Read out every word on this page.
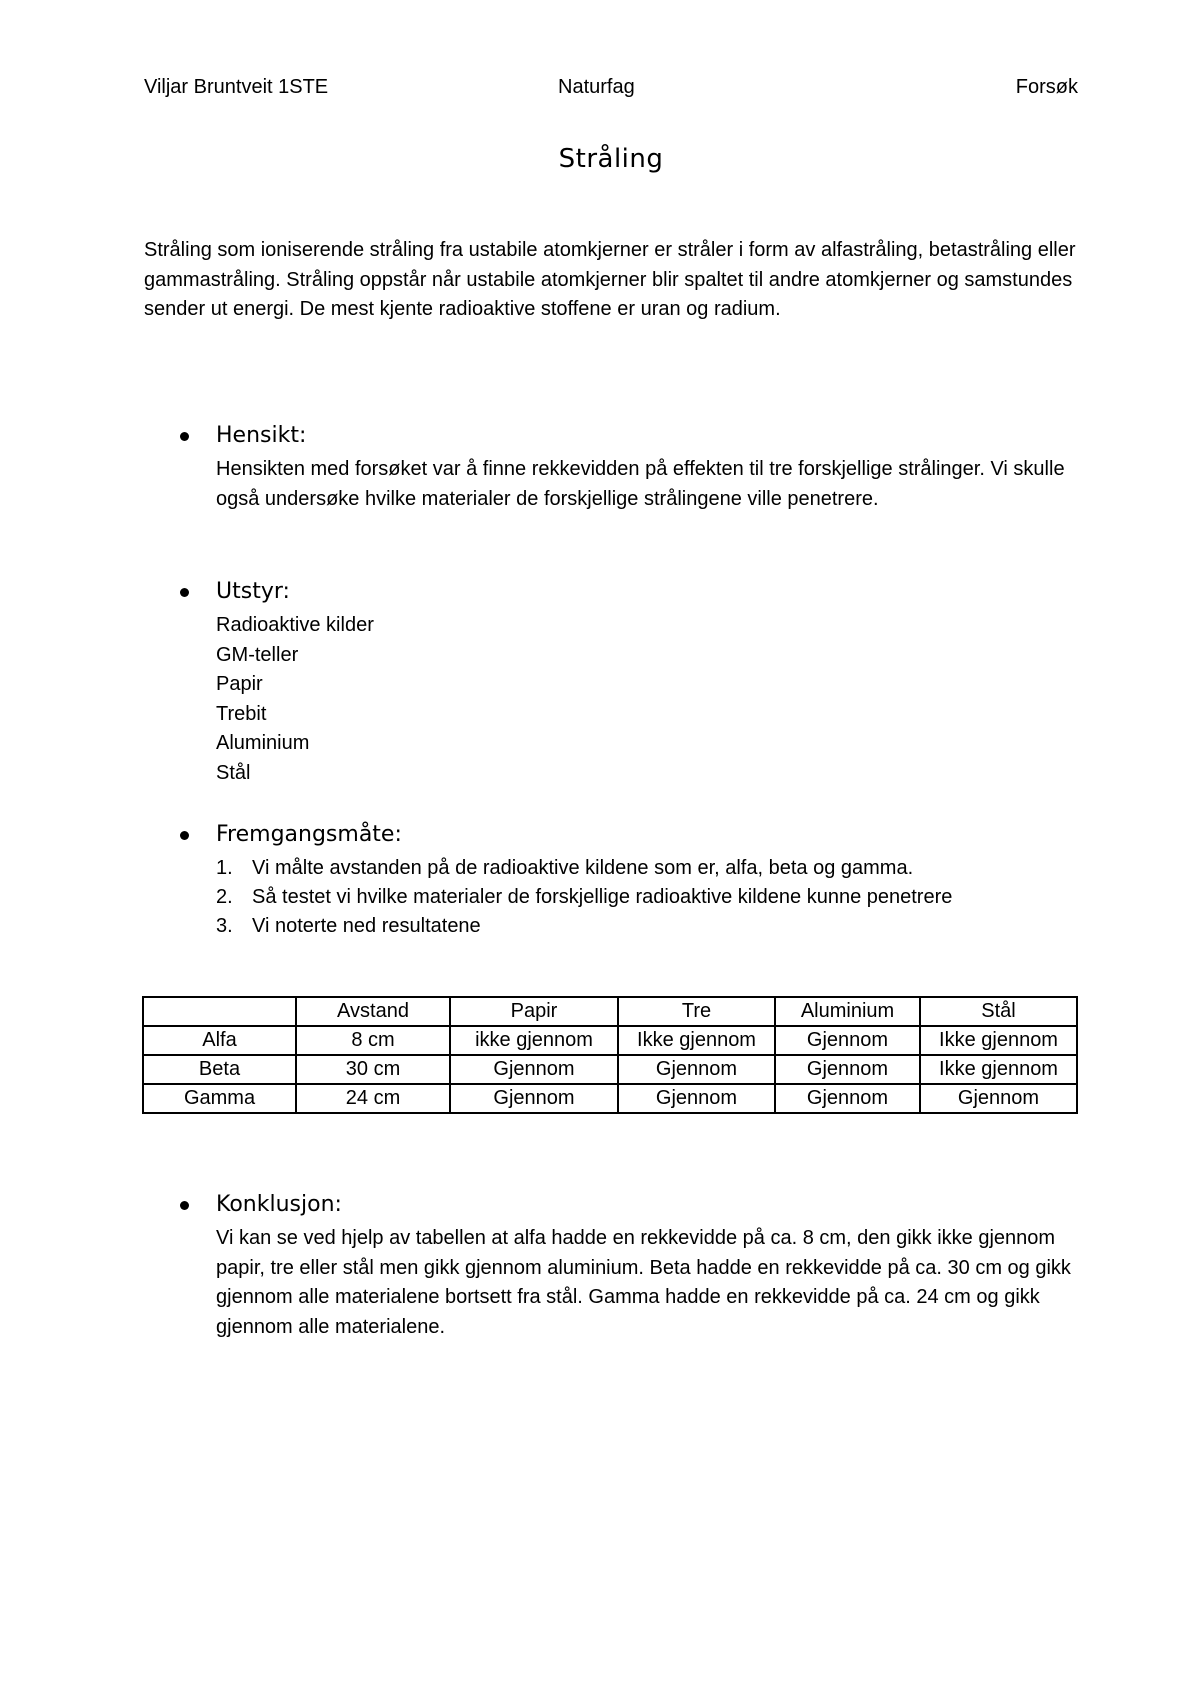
Viljar Bruntveit 1STE	Naturfag	Forsøk
Stråling

Stråling som ioniserende stråling fra ustabile atomkjerner er stråler i form av alfastråling, betastråling eller gammastråling. Stråling oppstår når ustabile atomkjerner blir spaltet til andre atomkjerner og samstundes sender ut energi. De mest kjente radioaktive stoffene er uran og radium.

Hensikt:

Hensikten med forsøket var å finne rekkevidden på effekten til tre forskjellige strålinger. Vi skulle også undersøke hvilke materialer de forskjellige strålingene ville penetrere.

Utstyr:
Radioaktive kilder
GM-teller
Papir
Trebit
Aluminium
Stål
Fremgangsmåte:
1. Vi målte avstanden på de radioaktive kildene som er, alfa, beta og gamma.
2. Så testet vi hvilke materialer de forskjellige radioaktive kildene kunne penetrere
3. Vi noterte ned resultatene
Konklusjon:

Vi kan se ved hjelp av tabellen at alfa hadde en rekkevidde på ca. 8 cm, den gikk ikke gjennom papir, tre eller stål men gikk gjennom aluminium. Beta hadde en rekkevidde på ca. 30 cm og gikk gjennom alle materialene bortsett fra stål. Gamma hadde en rekkevidde på ca. 24 cm og gikk gjennom alle materialene.

	Avstand	Papir	Tre	Aluminium	Stål
Alfa	8 cm	ikke gjennom	Ikke gjennom	Gjennom	Ikke gjennom
Beta	30 cm	Gjennom	Gjennom	Gjennom	Ikke gjennom
Gamma	24 cm	Gjennom	Gjennom	Gjennom	Gjennom
